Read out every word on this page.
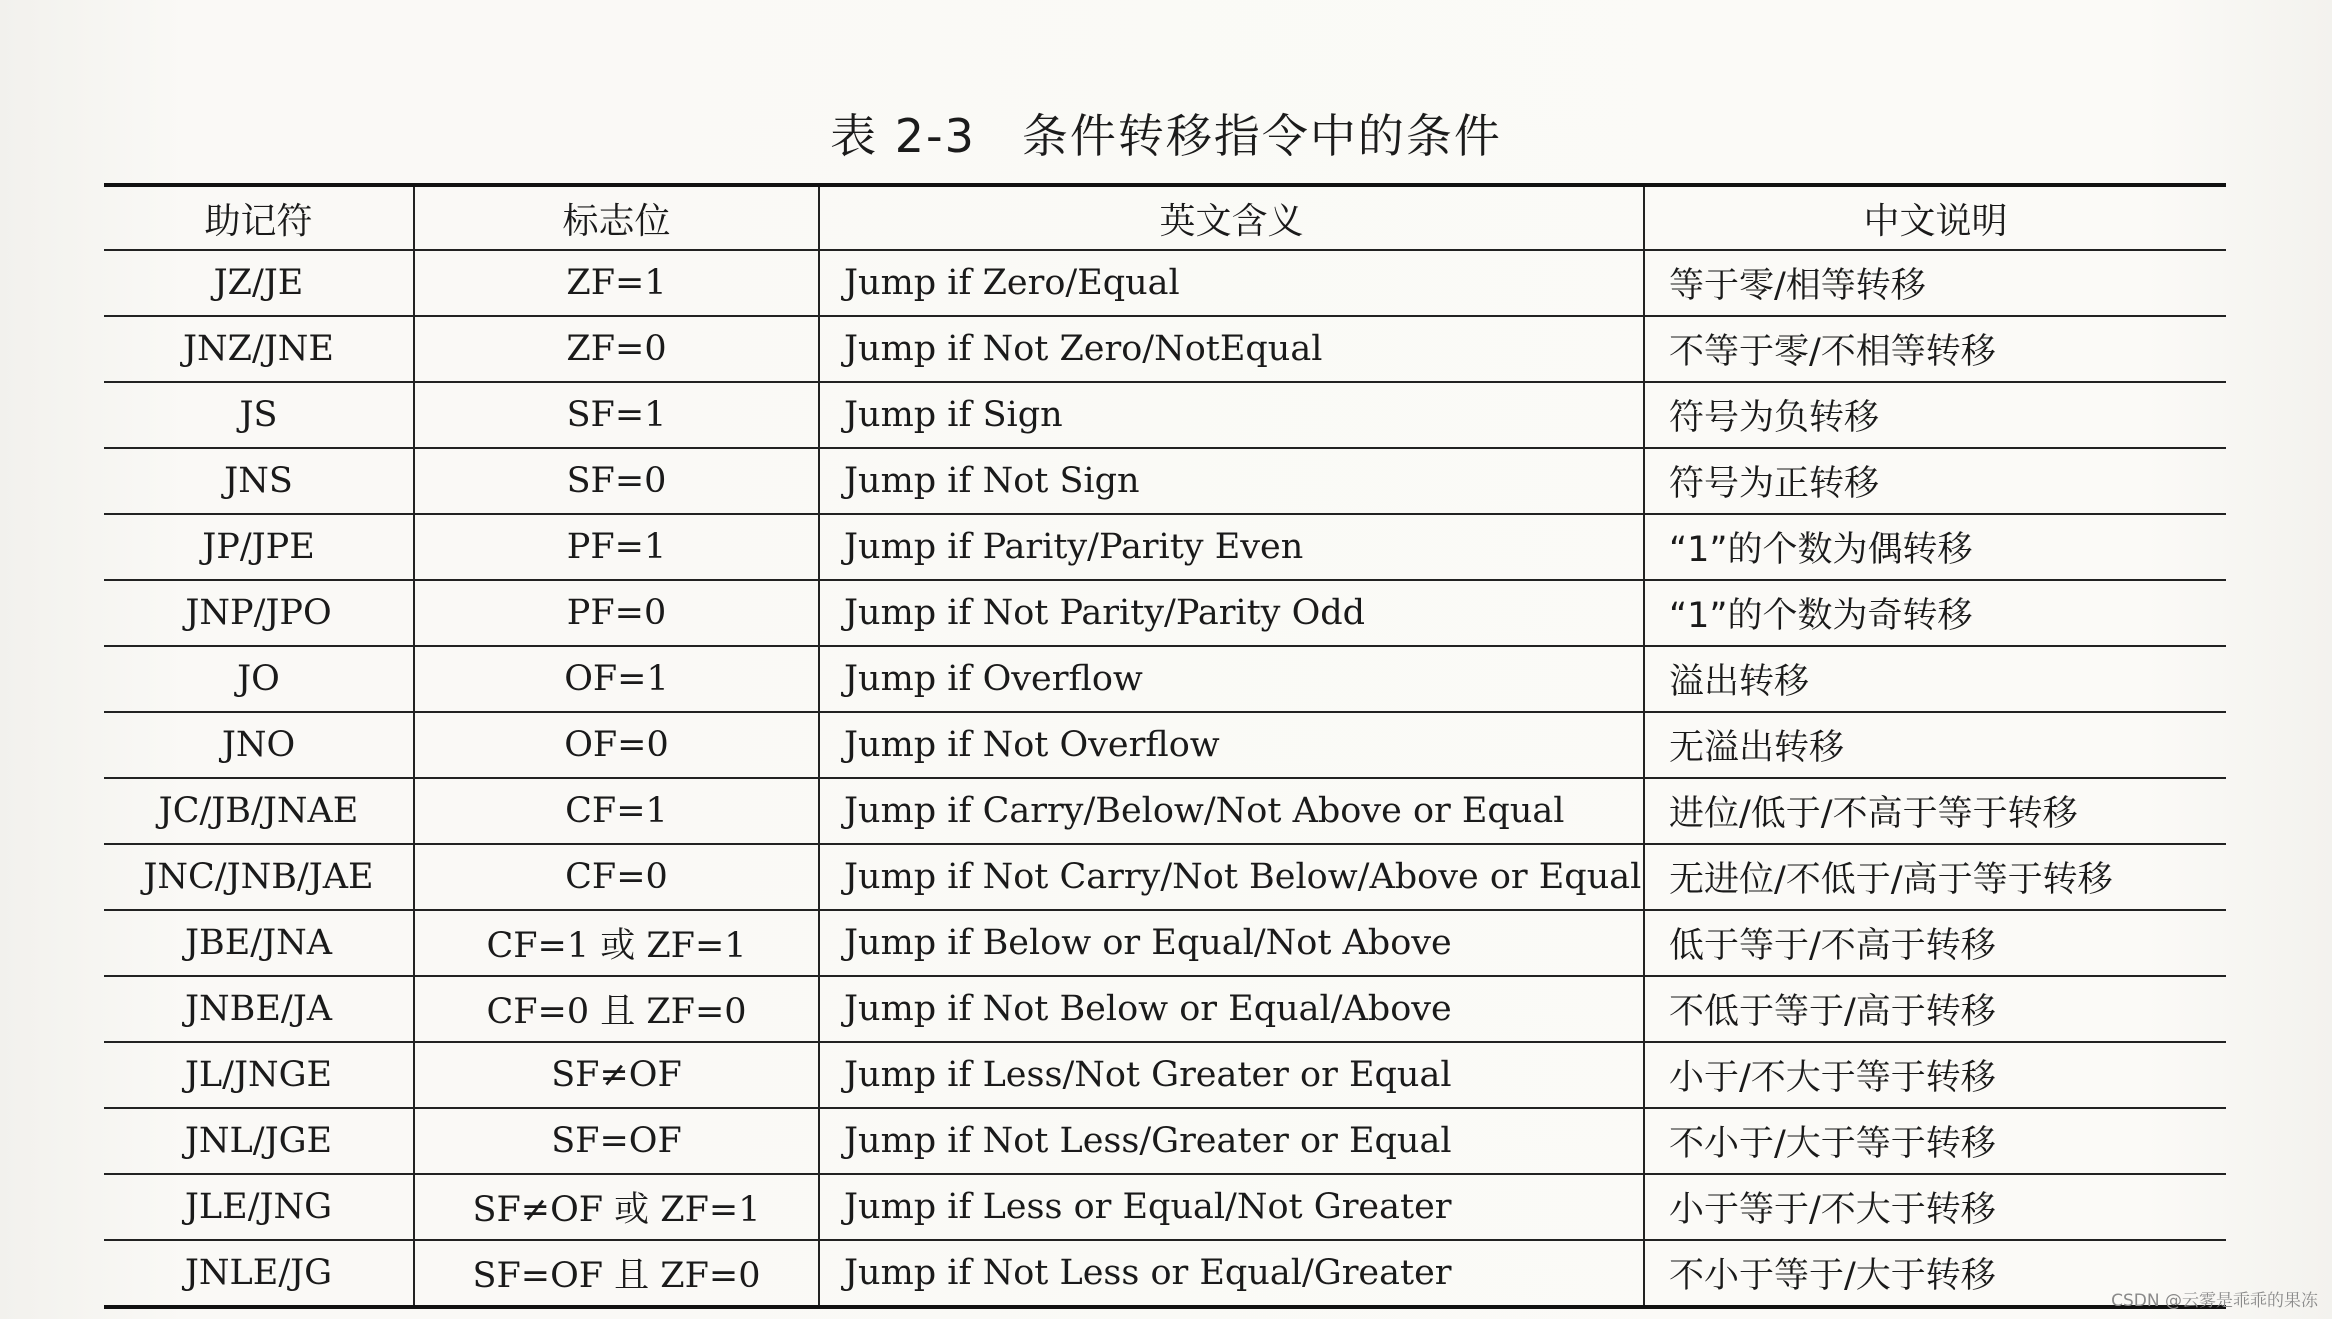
表 2-3 条件转移指令中的条件
助记符	标志位	英文含义	中文说明
JZ/JE	ZF=1	Jump if Zero/Equal	等于零/相等转移
JNZ/JNE	ZF=0	Jump if Not Zero/NotEqual	不等于零/不相等转移
JS	SF=1	Jump if Sign	符号为负转移
JNS	SF=0	Jump if Not Sign	符号为正转移
JP/JPE	PF=1	Jump if Parity/Parity Even	“1”的个数为偶转移
JNP/JPO	PF=0	Jump if Not Parity/Parity Odd	“1”的个数为奇转移
JO	OF=1	Jump if Overflow	溢出转移
JNO	OF=0	Jump if Not Overflow	无溢出转移
JC/JB/JNAE	CF=1	Jump if Carry/Below/Not Above or Equal	进位/低于/不高于等于转移
JNC/JNB/JAE	CF=0	Jump if Not Carry/Not Below/Above or Equal	无进位/不低于/高于等于转移
JBE/JNA	CF=1 或 ZF=1	Jump if Below or Equal/Not Above	低于等于/不高于转移
JNBE/JA	CF=0 且 ZF=0	Jump if Not Below or Equal/Above	不低于等于/高于转移
JL/JNGE	SF≠OF	Jump if Less/Not Greater or Equal	小于/不大于等于转移
JNL/JGE	SF=OF	Jump if Not Less/Greater or Equal	不小于/大于等于转移
JLE/JNG	SF≠OF 或 ZF=1	Jump if Less or Equal/Not Greater	小于等于/不大于转移
JNLE/JG	SF=OF 且 ZF=0	Jump if Not Less or Equal/Greater	不小于等于/大于转移
CSDN @云雾是乖乖的果冻
